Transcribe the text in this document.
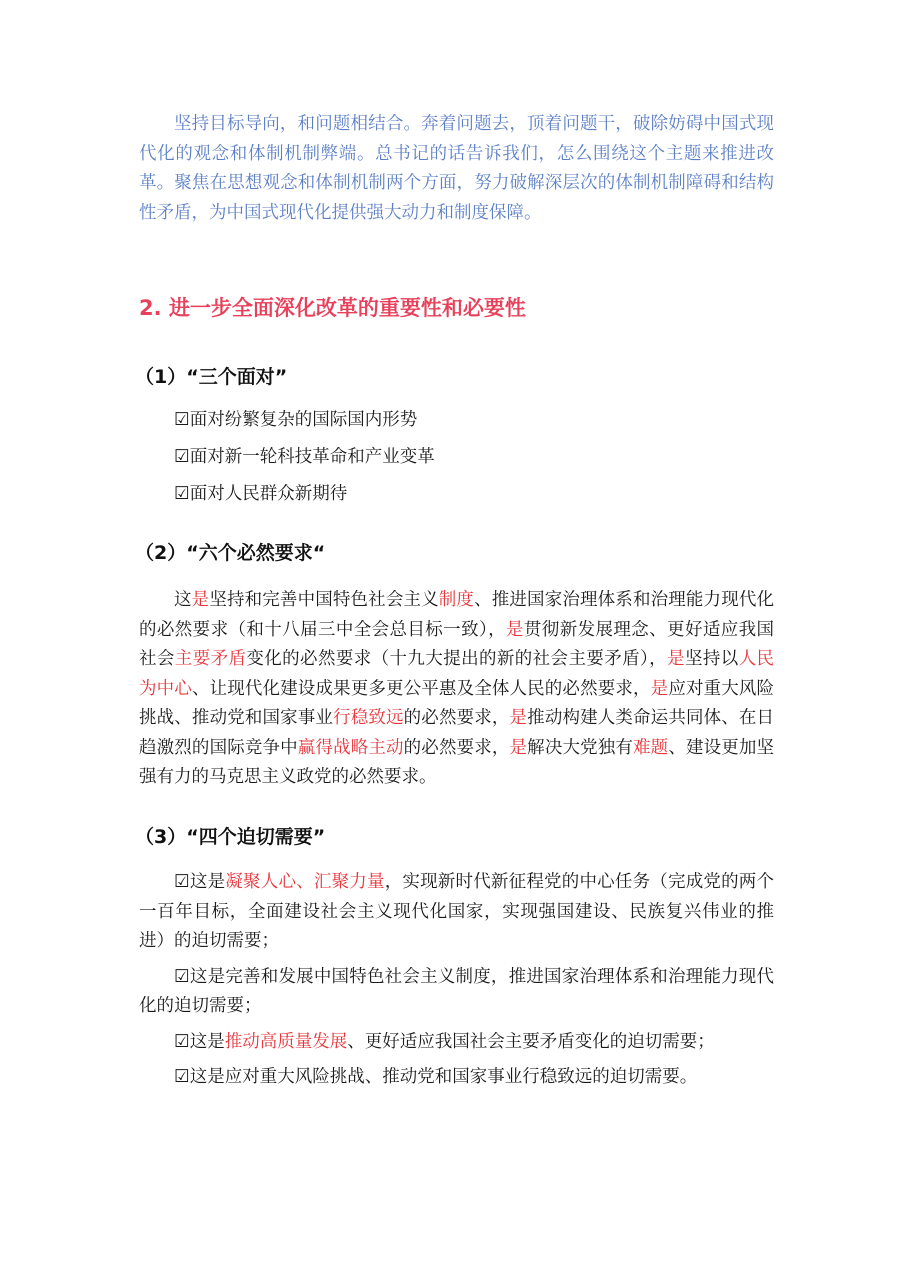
坚持目标导向，和问题相结合。奔着问题去，顶着问题干，破除妨碍中国式现代化的观念和体制机制弊端。总书记的话告诉我们，怎么围绕这个主题来推进改革。聚焦在思想观念和体制机制两个方面，努力破解深层次的体制机制障碍和结构性矛盾，为中国式现代化提供强大动力和制度保障。

2. 进一步全面深化改革的重要性和必要性

（1）“三个面对”

☑面对纷繁复杂的国际国内形势

☑面对新一轮科技革命和产业变革

☑面对人民群众新期待

（2）“六个必然要求“

这是坚持和完善中国特色社会主义制度、推进国家治理体系和治理能力现代化的必然要求（和十八届三中全会总目标一致），是贯彻新发展理念、更好适应我国社会主要矛盾变化的必然要求（十九大提出的新的社会主要矛盾），是坚持以人民为中心、让现代化建设成果更多更公平惠及全体人民的必然要求，是应对重大风险挑战、推动党和国家事业行稳致远的必然要求，是推动构建人类命运共同体、在日趋激烈的国际竞争中赢得战略主动的必然要求，是解决大党独有难题、建设更加坚强有力的马克思主义政党的必然要求。

（3）“四个迫切需要”

☑这是凝聚人心、汇聚力量，实现新时代新征程党的中心任务（完成党的两个一百年目标，全面建设社会主义现代化国家，实现强国建设、民族复兴伟业的推进）的迫切需要；

☑这是完善和发展中国特色社会主义制度，推进国家治理体系和治理能力现代化的迫切需要；

☑这是推动高质量发展、更好适应我国社会主要矛盾变化的迫切需要；

☑这是应对重大风险挑战、推动党和国家事业行稳致远的迫切需要。
